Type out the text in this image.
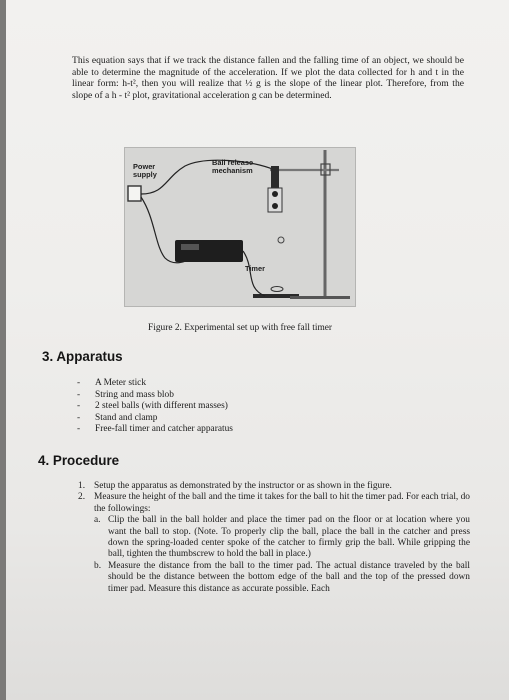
This equation says that if we track the distance fallen and the falling time of an object, we should be able to determine the magnitude of the acceleration. If we plot the data collected for h and t in the linear form: h-t², then you will realize that ½ g is the slope of the linear plot. Therefore, from the slope of a h - t² plot, gravitational acceleration g can be determined.

Power supply
Ball release mechanism
Timer

Figure 2. Experimental set up with free fall timer

3. Apparatus
- A Meter stick
- String and mass blob
- 2 steel balls (with different masses)
- Stand and clamp
- Free-fall timer and catcher apparatus
4. Procedure
1. Setup the apparatus as demonstrated by the instructor or as shown in the figure.
2. Measure the height of the ball and the time it takes for the ball to hit the timer pad. For each trial, do the followings:
a. Clip the ball in the ball holder and place the timer pad on the floor or at location where you want the ball to stop. (Note. To properly clip the ball, place the ball in the catcher and press down the spring-loaded center spoke of the catcher to firmly grip the ball. While gripping the ball, tighten the thumbscrew to hold the ball in place.)
b. Measure the distance from the ball to the timer pad. The actual distance traveled by the ball should be the distance between the bottom edge of the ball and the top of the pressed down timer pad. Measure this distance as accurate possible. Each
